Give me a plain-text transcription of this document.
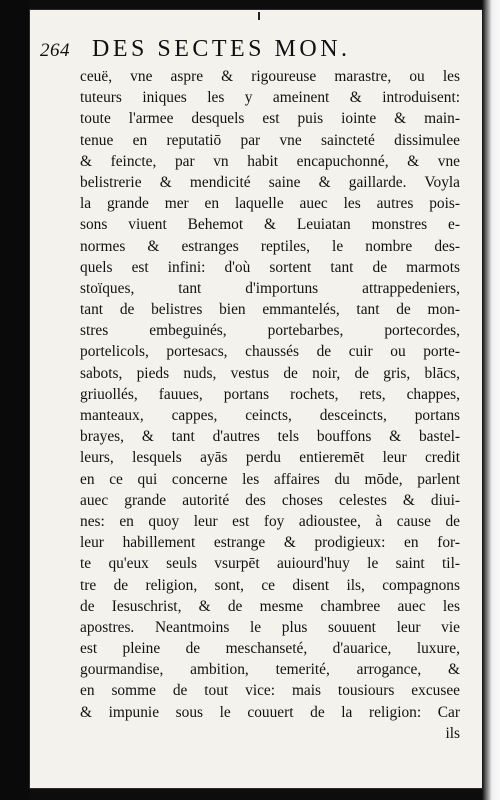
264 DES SECTES MON.
ceuë, vne aspre & rigoureuse marastre, ou les
tuteurs iniques les y ameinent & introduisent:
toute l'armee desquels est puis iointe & main-
tenue en reputatiō par vne saincteté dissimulee
& feincte, par vn habit encapuchonné, & vne
belistrerie & mendicité saine & gaillarde. Voyla
la grande mer en laquelle auec les autres pois-
sons viuent Behemot & Leuiatan monstres e-
normes & estranges reptiles, le nombre des-
quels est infini: d'où sortent tant de marmots
stoïques, tant d'importuns attrappedeniers,
tant de belistres bien emmantelés, tant de mon-
stres embeguinés, portebarbes, portecordes,
portelicols, portesacs, chaussés de cuir ou porte-
sabots, pieds nuds, vestus de noir, de gris, blācs,
griuollés, fauues, portans rochets, rets, chappes,
manteaux, cappes, ceincts, desceincts, portans
brayes, & tant d'autres tels bouffons & bastel-
leurs, lesquels ayās perdu entieremēt leur credit
en ce qui concerne les affaires du mōde, parlent
auec grande autorité des choses celestes & diui-
nes: en quoy leur est foy adioustee, à cause de
leur habillement estrange & prodigieux: en for-
te qu'eux seuls vsurpēt auiourd'huy le saint til-
tre de religion, sont, ce disent ils, compagnons
de Iesuschrist, & de mesme chambree auec les
apostres. Neantmoins le plus souuent leur vie
est pleine de meschanseté, d'auarice, luxure,
gourmandise, ambition, temerité, arrogance, &
en somme de tout vice: mais tousiours excusee
& impunie sous le couuert de la religion: Car
ils
